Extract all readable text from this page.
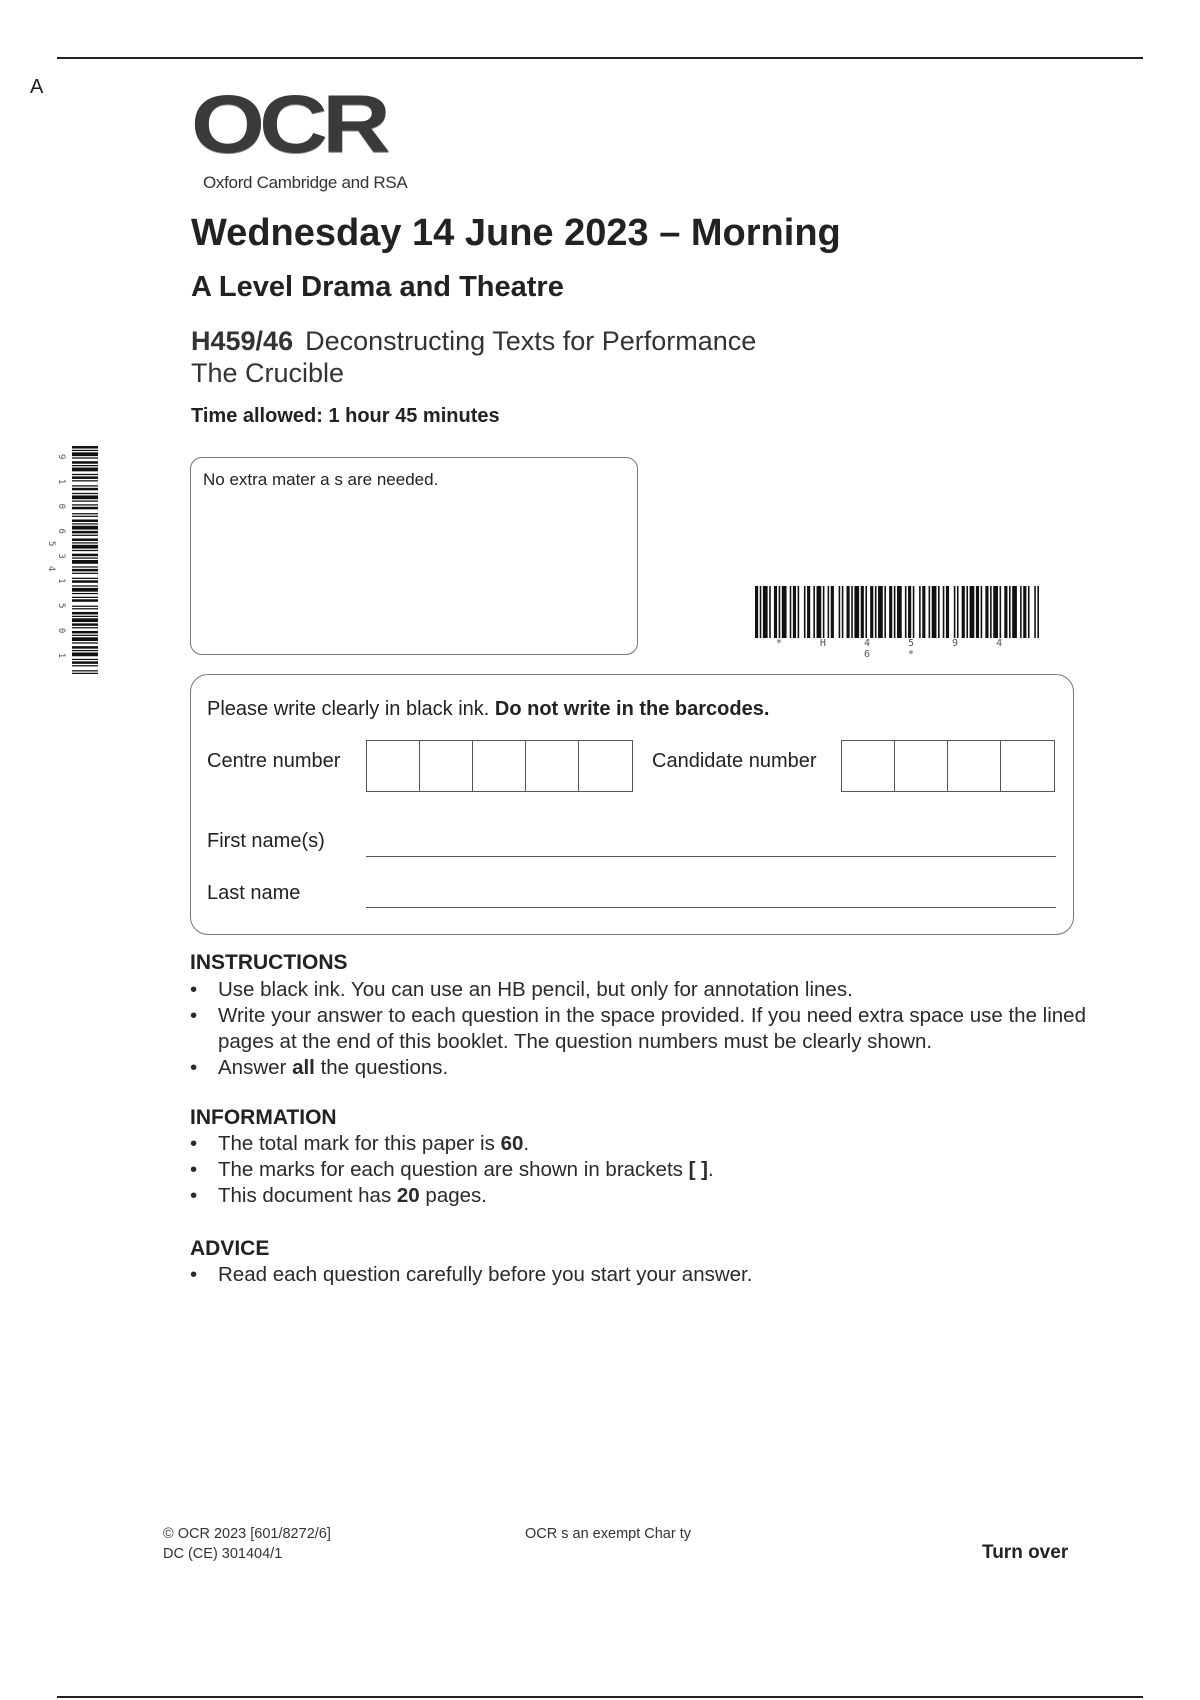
A OCR
Oxford Cambridge and RSA
Wednesday 14 June 2023 – Morning
A Level Drama and Theatre
H459/46 Deconstructing Texts for Performance
The Crucible
Time allowed: 1 hour 45 minutes
No extra mater a s are needed.
9 1 0 6 3 1 5 0 1 5 4
* H 4 5 9 4 6 *
Please write clearly in black ink. Do not write in the barcodes.
Centre number	Candidate number
First name(s)
Last name
INSTRUCTIONS
• Use black ink. You can use an HB pencil, but only for annotation lines.
• Write your answer to each question in the space provided. If you need extra space use the lined pages at the end of this booklet. The question numbers must be clearly shown.
• Answer all the questions.
INFORMATION
• The total mark for this paper is 60.
• The marks for each question are shown in brackets [ ].
• This document has 20 pages.
ADVICE
• Read each question carefully before you start your answer.
© OCR 2023 [601/8272/6]
DC (CE) 301404/1
OCR s an exempt Char ty
Turn over
